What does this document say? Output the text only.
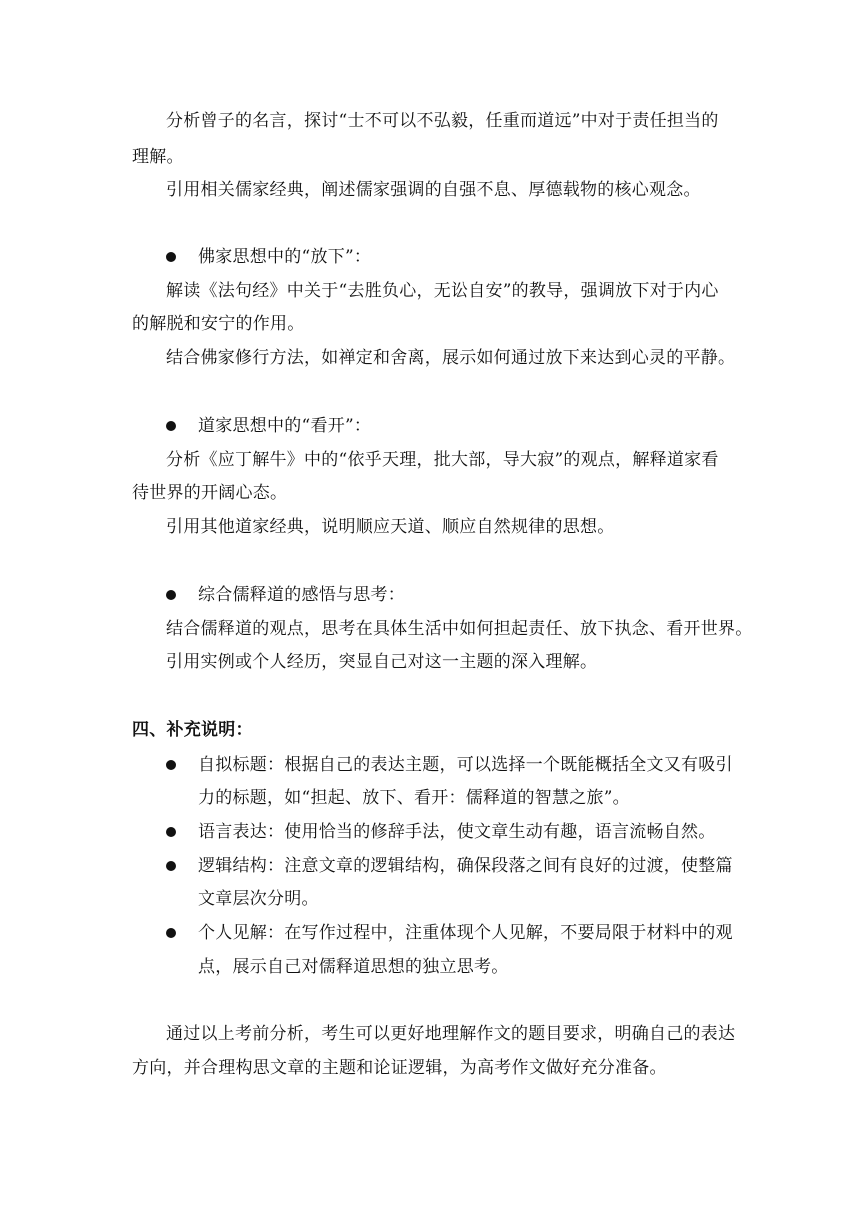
分析曾子的名言，探讨“士不可以不弘毅，任重而道远”中对于责任担当的
理解。
引用相关儒家经典，阐述儒家强调的自强不息、厚德载物的核心观念。
佛家思想中的“放下”：
解读《法句经》中关于“去胜负心，无讼自安”的教导，强调放下对于内心
的解脱和安宁的作用。
结合佛家修行方法，如禅定和舍离，展示如何通过放下来达到心灵的平静。
道家思想中的“看开”：
分析《应丁解牛》中的“依乎天理，批大部，导大寂”的观点，解释道家看
待世界的开阔心态。
引用其他道家经典，说明顺应天道、顺应自然规律的思想。
综合儒释道的感悟与思考：
结合儒释道的观点，思考在具体生活中如何担起责任、放下执念、看开世界。
引用实例或个人经历，突显自己对这一主题的深入理解。
四、补充说明：
自拟标题：根据自己的表达主题，可以选择一个既能概括全文又有吸引
力的标题，如“担起、放下、看开：儒释道的智慧之旅”。
语言表达：使用恰当的修辞手法，使文章生动有趣，语言流畅自然。
逻辑结构：注意文章的逻辑结构，确保段落之间有良好的过渡，使整篇
文章层次分明。
个人见解：在写作过程中，注重体现个人见解，不要局限于材料中的观
点，展示自己对儒释道思想的独立思考。
通过以上考前分析，考生可以更好地理解作文的题目要求，明确自己的表达
方向，并合理构思文章的主题和论证逻辑，为高考作文做好充分准备。
